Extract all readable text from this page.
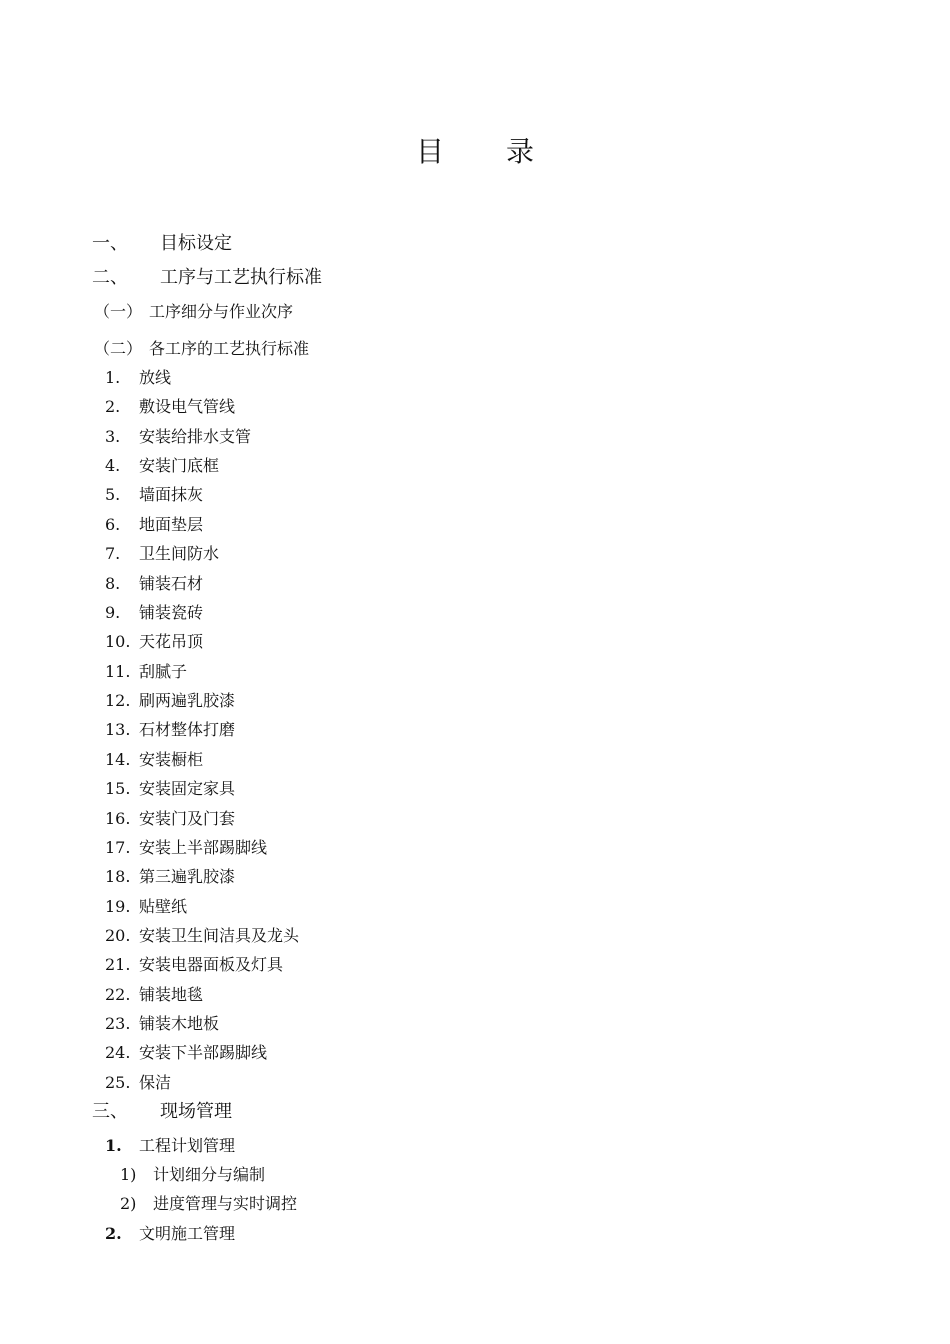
目 录
一、 目标设定
二、 工序与工艺执行标准
（一） 工序细分与作业次序
（二） 各工序的工艺执行标准
1. 放线
2. 敷设电气管线
3. 安装给排水支管
4. 安装门底框
5. 墙面抹灰
6. 地面垫层
7. 卫生间防水
8. 铺装石材
9. 铺装瓷砖
10. 天花吊顶
11. 刮腻子
12. 刷两遍乳胶漆
13. 石材整体打磨
14. 安装橱柜
15. 安装固定家具
16. 安装门及门套
17. 安装上半部踢脚线
18. 第三遍乳胶漆
19. 贴壁纸
20. 安装卫生间洁具及龙头
21. 安装电器面板及灯具
22. 铺装地毯
23. 铺装木地板
24. 安装下半部踢脚线
25. 保洁
三、 现场管理
1. 工程计划管理
1) 计划细分与编制
2) 进度管理与实时调控
2. 文明施工管理
